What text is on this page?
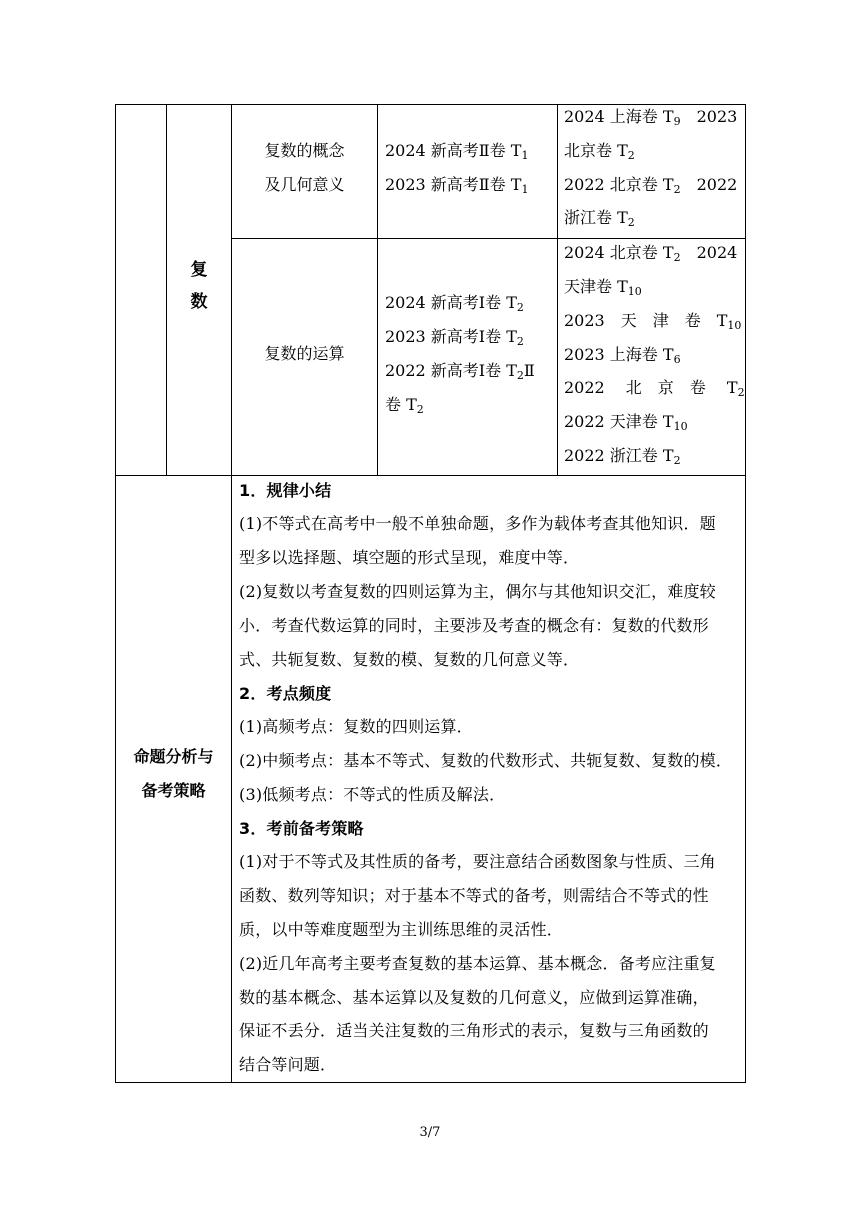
复
数
复数的概念
及几何意义
2024 新高考Ⅱ卷 $T_1$
2023 新高考Ⅱ卷 $T_1$
2024 上海卷 $T_9$　2023
北京卷 $T_2$
2022 北京卷 $T_2$　2022
浙江卷 $T_2$
复数的运算
2024 新高考Ⅰ卷 $T_2$
2023 新高考Ⅰ卷 $T_2$
2022 新高考Ⅰ卷 $T_2Ⅱ$
卷 $T_2$
2024 北京卷 $T_2$　2024
天津卷 $T_{10}$
2023　天　津　卷　$T_{10}$
2023 上海卷 $T_6$
2022　 北　京　卷　 $T_2$
2022 天津卷 $T_{10}$
2022 浙江卷 $T_2$
命题分析与
备考策略
1．规律小结
(1)不等式在高考中一般不单独命题，多作为载体考查其他知识．题
型多以选择题、填空题的形式呈现，难度中等．
(2)复数以考查复数的四则运算为主，偶尔与其他知识交汇，难度较
小．考查代数运算的同时，主要涉及考查的概念有：复数的代数形
式、共轭复数、复数的模、复数的几何意义等．
2．考点频度
(1)高频考点：复数的四则运算．
(2)中频考点：基本不等式、复数的代数形式、共轭复数、复数的模．
(3)低频考点：不等式的性质及解法．
3．考前备考策略
(1)对于不等式及其性质的备考，要注意结合函数图象与性质、三角
函数、数列等知识；对于基本不等式的备考，则需结合不等式的性
质，以中等难度题型为主训练思维的灵活性．
(2)近几年高考主要考查复数的基本运算、基本概念．备考应注重复
数的基本概念、基本运算以及复数的几何意义，应做到运算准确，
保证不丢分．适当关注复数的三角形式的表示，复数与三角函数的
结合等问题．
3/7
